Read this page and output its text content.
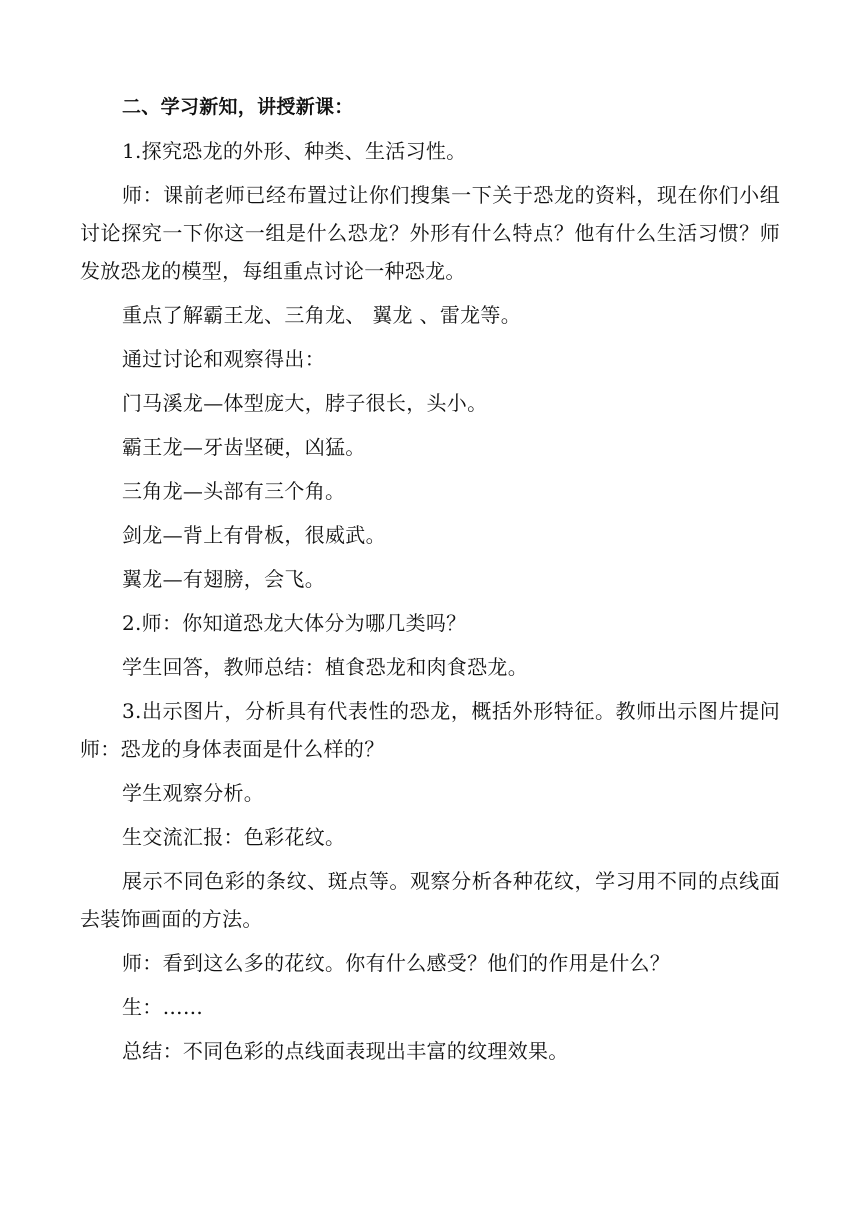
二、学习新知，讲授新课：

1.探究恐龙的外形、种类、生活习性。

师：课前老师已经布置过让你们搜集一下关于恐龙的资料，现在你们小组讨论探究一下你这一组是什么恐龙？外形有什么特点？他有什么生活习惯？师发放恐龙的模型，每组重点讨论一种恐龙。

重点了解霸王龙、三角龙、 翼龙 、雷龙等。

通过讨论和观察得出：

门马溪龙—体型庞大，脖子很长，头小。

霸王龙—牙齿坚硬，凶猛。

三角龙—头部有三个角。

剑龙—背上有骨板，很威武。

翼龙—有翅膀，会飞。

2.师：你知道恐龙大体分为哪几类吗？

学生回答，教师总结：植食恐龙和肉食恐龙。

3.出示图片，分析具有代表性的恐龙，概括外形特征。教师出示图片提问师：恐龙的身体表面是什么样的？

学生观察分析。

生交流汇报：色彩花纹。

展示不同色彩的条纹、斑点等。观察分析各种花纹，学习用不同的点线面去装饰画面的方法。

师：看到这么多的花纹。你有什么感受？他们的作用是什么？

生：……

总结：不同色彩的点线面表现出丰富的纹理效果。
